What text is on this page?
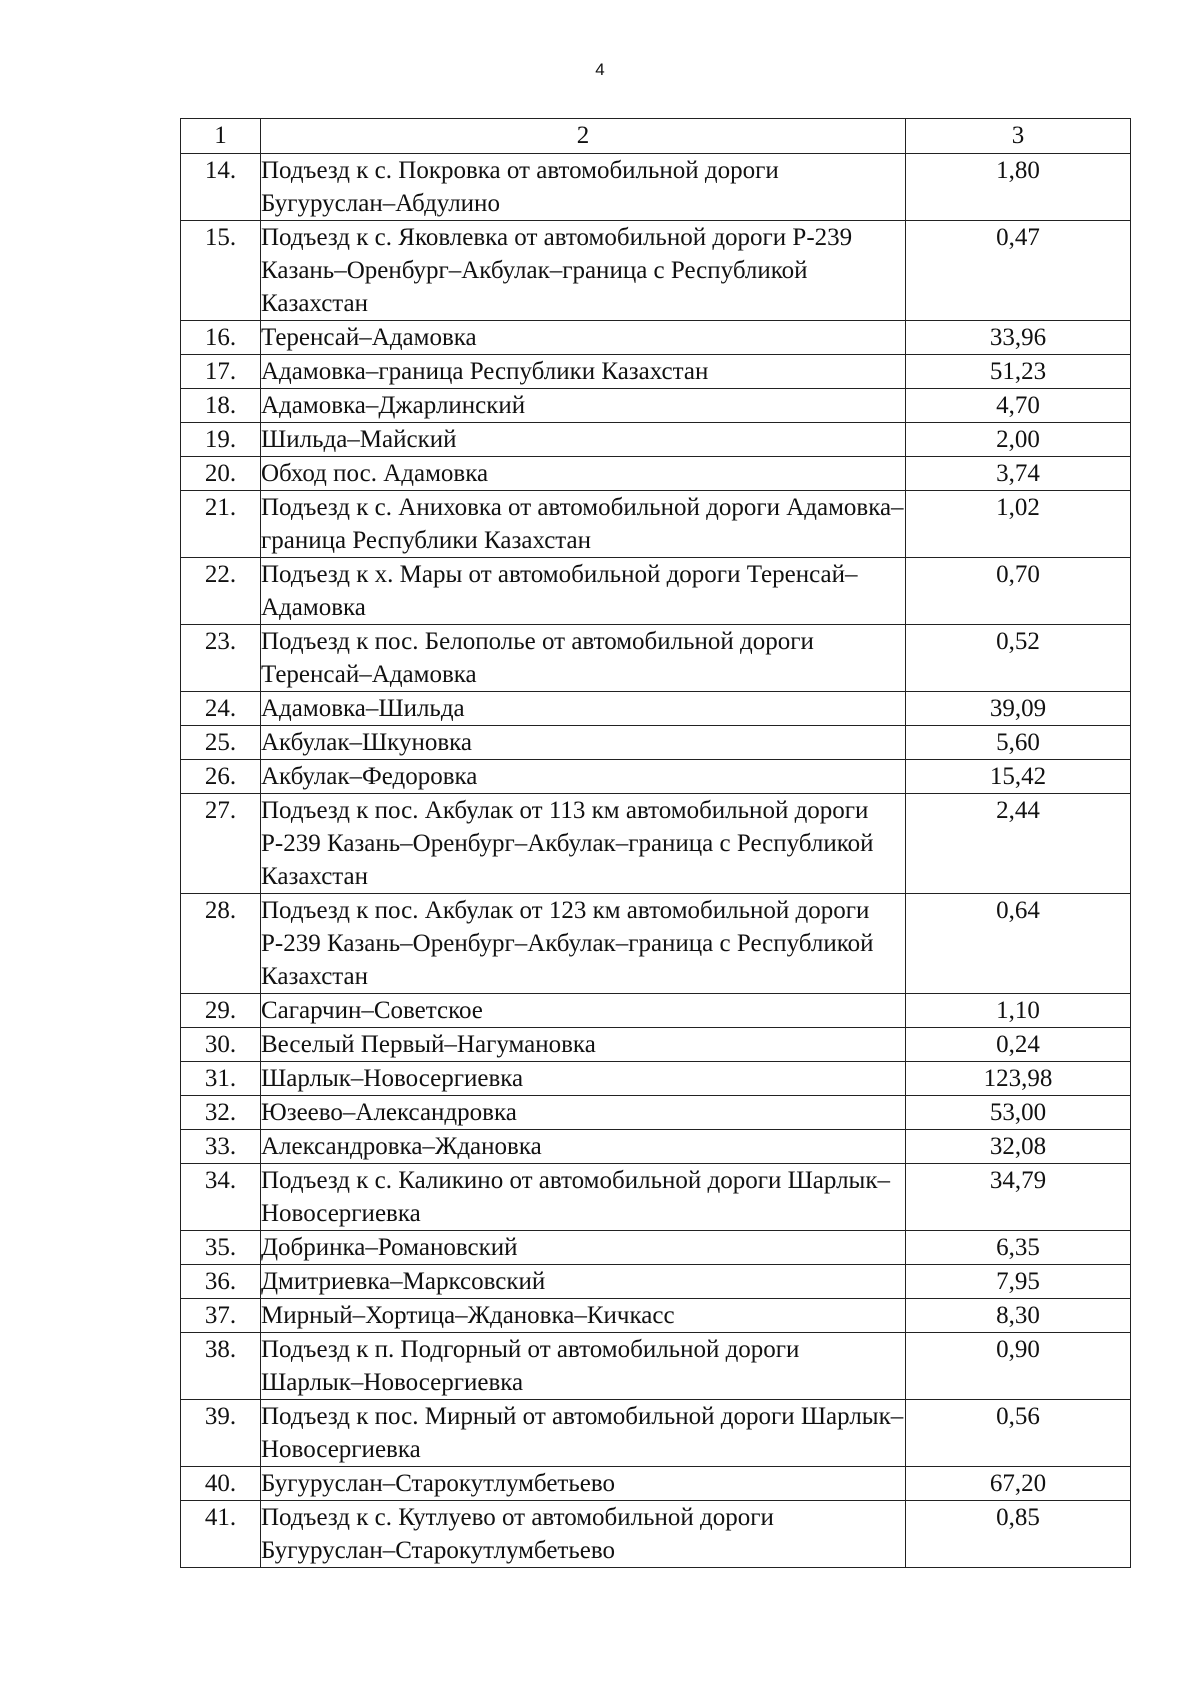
4
1	2	3
14.	Подъезд к с. Покровка от автомобильной дороги Бугуруслан–Абдулино	1,80
15.	Подъезд к с. Яковлевка от автомобильной дороги Р-239 Казань–Оренбург–Акбулак–граница с Республикой Казахстан	0,47
16.	Теренсай–Адамовка	33,96
17.	Адамовка–граница Республики Казахстан	51,23
18.	Адамовка–Джарлинский	4,70
19.	Шильда–Майский	2,00
20.	Обход пос. Адамовка	3,74
21.	Подъезд к с. Аниховка от автомобильной дороги Адамовка–граница Республики Казахстан	1,02
22.	Подъезд к х. Мары от автомобильной дороги Теренсай–Адамовка	0,70
23.	Подъезд к пос. Белополье от автомобильной дороги Теренсай–Адамовка	0,52
24.	Адамовка–Шильда	39,09
25.	Акбулак–Шкуновка	5,60
26.	Акбулак–Федоровка	15,42
27.	Подъезд к пос. Акбулак от 113 км автомобильной дороги Р-239 Казань–Оренбург–Акбулак–граница с Республикой Казахстан	2,44
28.	Подъезд к пос. Акбулак от 123 км автомобильной дороги Р-239 Казань–Оренбург–Акбулак–граница с Республикой Казахстан	0,64
29.	Сагарчин–Советское	1,10
30.	Веселый Первый–Нагумановка	0,24
31.	Шарлык–Новосергиевка	123,98
32.	Юзеево–Александровка	53,00
33.	Александровка–Ждановка	32,08
34.	Подъезд к с. Каликино от автомобильной дороги Шарлык–Новосергиевка	34,79
35.	Добринка–Романовский	6,35
36.	Дмитриевка–Марксовский	7,95
37.	Мирный–Хортица–Ждановка–Кичкасс	8,30
38.	Подъезд к п. Подгорный от автомобильной дороги Шарлык–Новосергиевка	0,90
39.	Подъезд к пос. Мирный от автомобильной дороги Шарлык–Новосергиевка	0,56
40.	Бугуруслан–Старокутлумбетьево	67,20
41.	Подъезд к с. Кутлуево от автомобильной дороги Бугуруслан–Старокутлумбетьево	0,85
